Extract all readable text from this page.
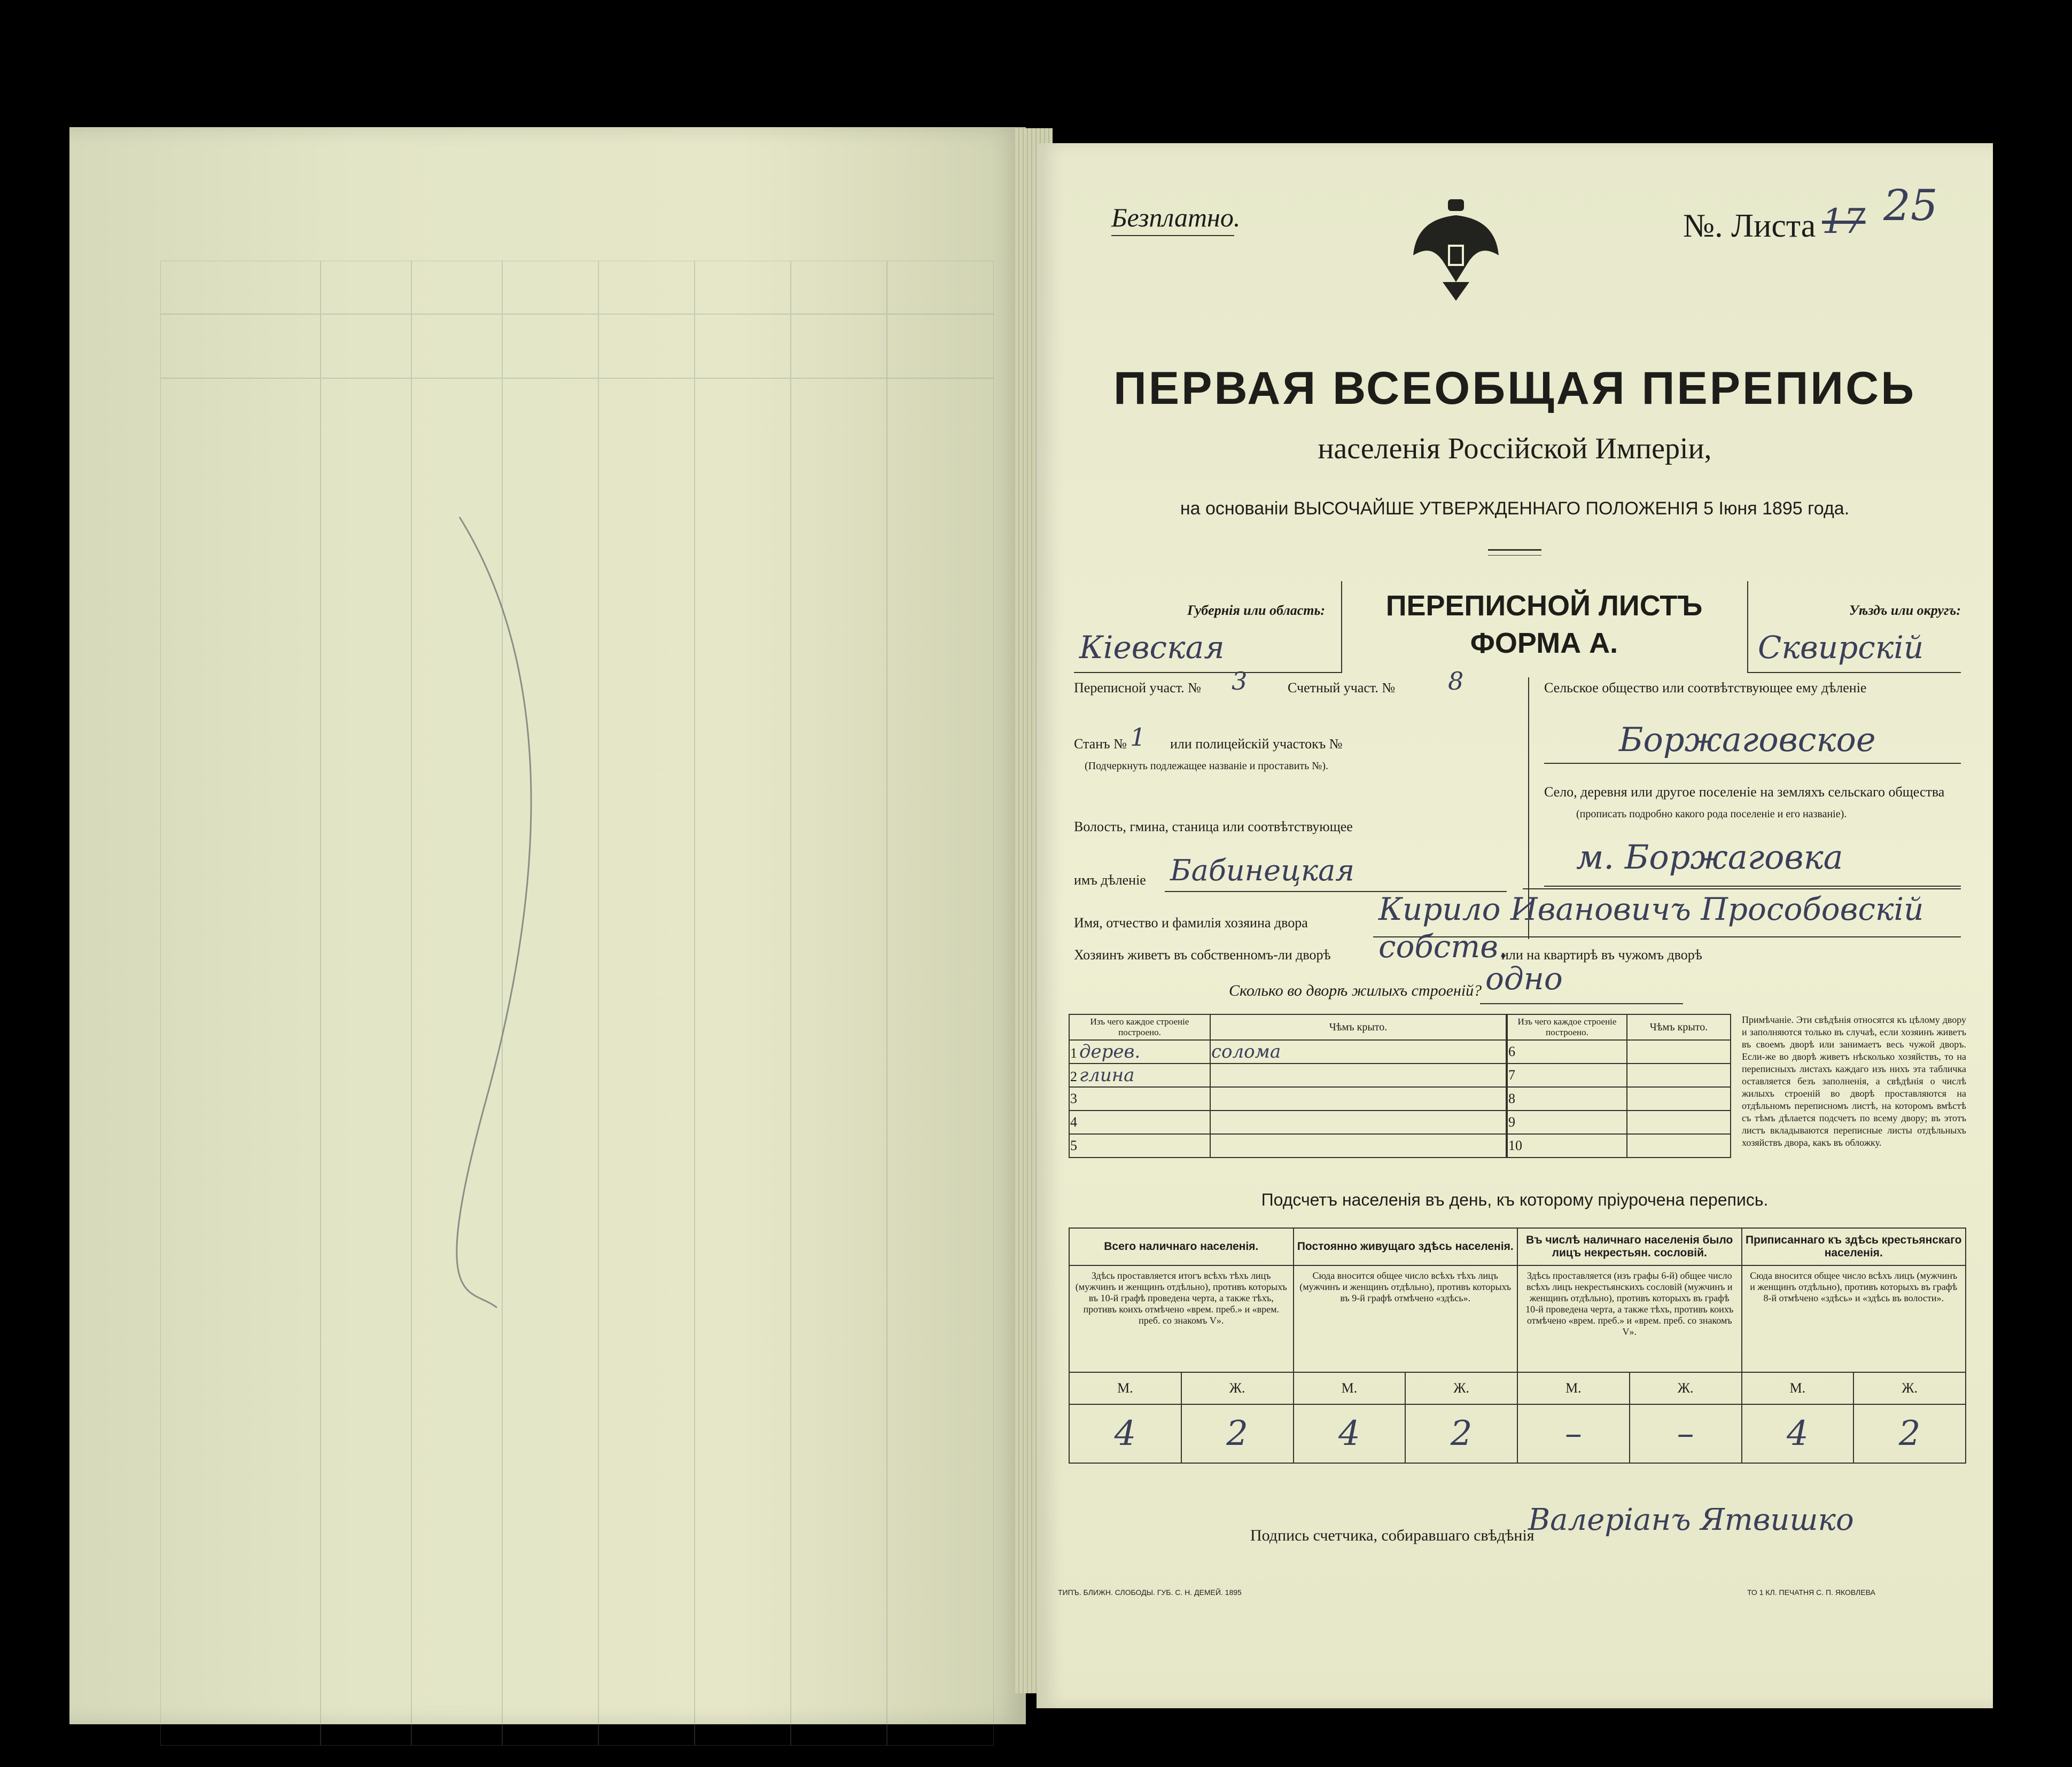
Безплатно.	№. Листа 17 25
ПЕРВАЯ ВСЕОБЩАЯ ПЕРЕПИСЬ
населенія Россійской Имперіи,
на основаніи ВЫСОЧАЙШЕ УТВЕРЖДЕННАГО ПОЛОЖЕНІЯ 5 Іюня 1895 года.
Губернія или область:
Кіевская
ПЕРЕПИСНОЙ ЛИСТЪ
ФОРМА А.
Уѣздъ или округъ:
Сквирскій
Переписной участ. № 3	Счетный участ. № 8
Станъ № 1 или полицейскій участокъ №
(Подчеркнуть подлежащее названіе и проставить №).
Волость, гмина, станица или соотвѣтствующее
имъ дѣленіе Бабинецкая
Сельское общество или соотвѣтствующее ему дѣленіе
Боржаговское
Село, деревня или другое поселеніе на земляхъ сельскаго общества
(прописать подробно какого рода поселеніе и его названіе).
м. Боржаговка
Имя, отчество и фамилія хозяина двора Кирило Ивановичъ Прособовскій
Хозяинъ живетъ въ собственномъ-ли дворѣ собств.
или на квартирѣ въ чужомъ дворѣ
Сколько во дворѣ жилыхъ строеній? одно
Изъ чего каждое строеніе построено.	Чѣмъ крыто.
1 дерев.	солома
2 глина	
3	
4	
5	
Изъ чего каждое строеніе построено.	Чѣмъ крыто.
6	
7	
8	
9	
10	
Примѣчаніе. Эти свѣдѣнія относятся къ цѣлому двору и заполняются только въ случаѣ, если хозяинъ живетъ въ своемъ дворѣ или занимаетъ весь чужой дворъ. Если-же во дворѣ живетъ нѣсколько хозяйствъ, то на переписныхъ листахъ каждаго изъ нихъ эта табличка оставляется безъ заполненія, а свѣдѣнія о числѣ жилыхъ строеній во дворѣ проставляются на отдѣльномъ переписномъ листѣ, на которомъ вмѣстѣ съ тѣмъ дѣлается подсчетъ по всему двору; въ этотъ листъ вкладываются переписные листы отдѣльныхъ хозяйствъ двора, какъ въ обложку.
Подсчетъ населенія въ день, къ которому пріурочена перепись.
Всего наличнаго населенія.		Постоянно живущаго здѣсь населенія.		Въ числѣ наличнаго населенія было лицъ некрестьян. сословій.		Приписаннаго къ здѣсь крестьянскаго населенія.	
Здѣсь проставляется итогъ всѣхъ тѣхъ лицъ (мужчинъ и женщинъ отдѣльно), противъ которыхъ въ 10-й графѣ проведена черта, а также тѣхъ, противъ коихъ отмѣчено «врем. преб.» и «врем. преб. со знакомъ V».		Сюда вносится общее число всѣхъ тѣхъ лицъ (мужчинъ и женщинъ отдѣльно), противъ которыхъ въ 9-й графѣ отмѣчено «здѣсь».		Здѣсь проставляется (изъ графы 6-й) общее число всѣхъ лицъ некрестьянскихъ сословій (мужчинъ и женщинъ отдѣльно), противъ которыхъ въ графѣ 10-й проведена черта, а также тѣхъ, противъ коихъ отмѣчено «врем. преб.» и «врем. преб. со знакомъ V».		Сюда вносится общее число всѣхъ лицъ (мужчинъ и женщинъ отдѣльно), противъ которыхъ въ графѣ 8-й отмѣчено «здѣсь» и «здѣсь въ волости».	
М.	Ж.	М.	Ж.	М.	Ж.	М.	Ж.
4	2	4	2	–	–	4	2
Подпись счетчика, собиравшаго свѣдѣнія
Валеріанъ Ятвишко
ТИПЪ. БЛИЖН. СЛОБОДЫ. ГУБ. С. Н. ДЕМЕЙ. 1895	ТО 1 КЛ. ПЕЧАТНЯ С. П. ЯКОВЛЕВА
